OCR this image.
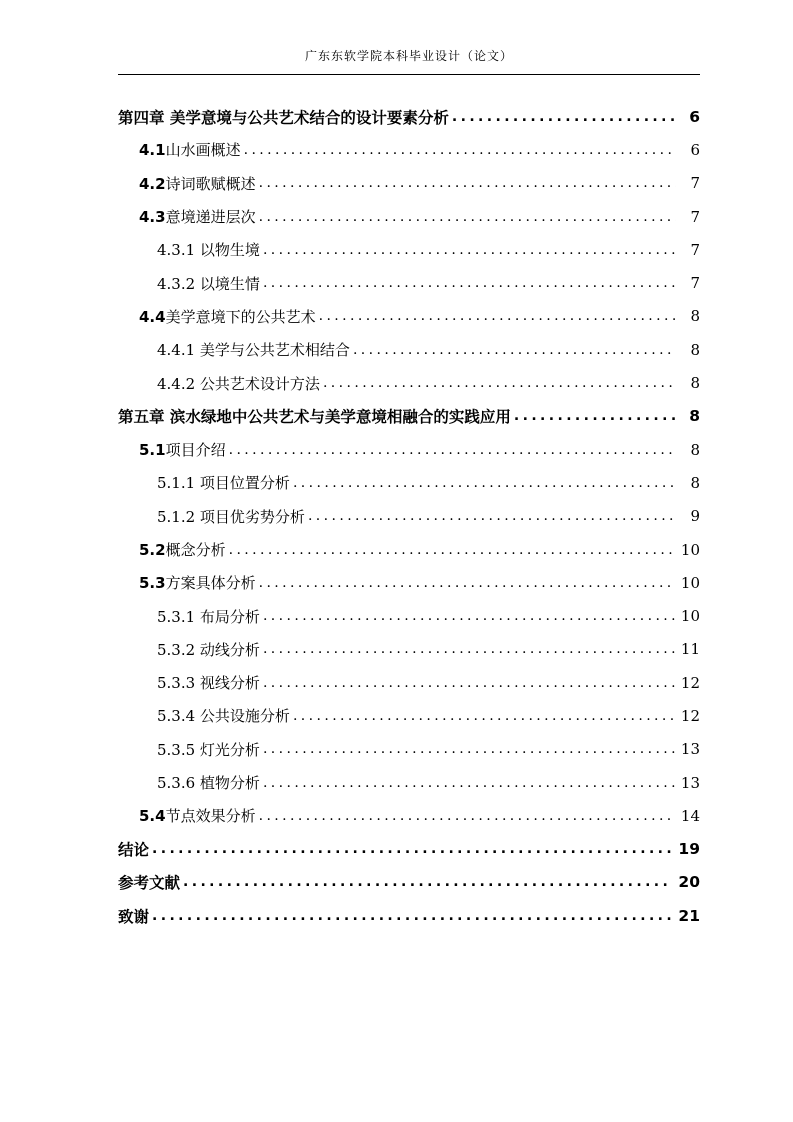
广东东软学院本科毕业设计（论文）
第四章 美学意境与公共艺术结合的设计要素分析 .....	6
4.1山水画概述 .....	6
4.2诗词歌赋概述 .....	7
4.3意境递进层次 .....	7
4.3.1 以物生境 .....	7
4.3.2 以境生情 .....	7
4.4美学意境下的公共艺术 .....	8
4.4.1 美学与公共艺术相结合 .....	8
4.4.2 公共艺术设计方法 .....	8
第五章 滨水绿地中公共艺术与美学意境相融合的实践应用 .....	8
5.1项目介绍 .....	8
5.1.1 项目位置分析 .....	8
5.1.2 项目优劣势分析 .....	9
5.2概念分析 .....	10
5.3方案具体分析 .....	10
5.3.1 布局分析 .....	10
5.3.2 动线分析 .....	11
5.3.3 视线分析 .....	12
5.3.4 公共设施分析 .....	12
5.3.5 灯光分析 .....	13
5.3.6 植物分析 .....	13
5.4节点效果分析 .....	14
结论 .....	19
参考文献 .....	20
致谢 .....	21
